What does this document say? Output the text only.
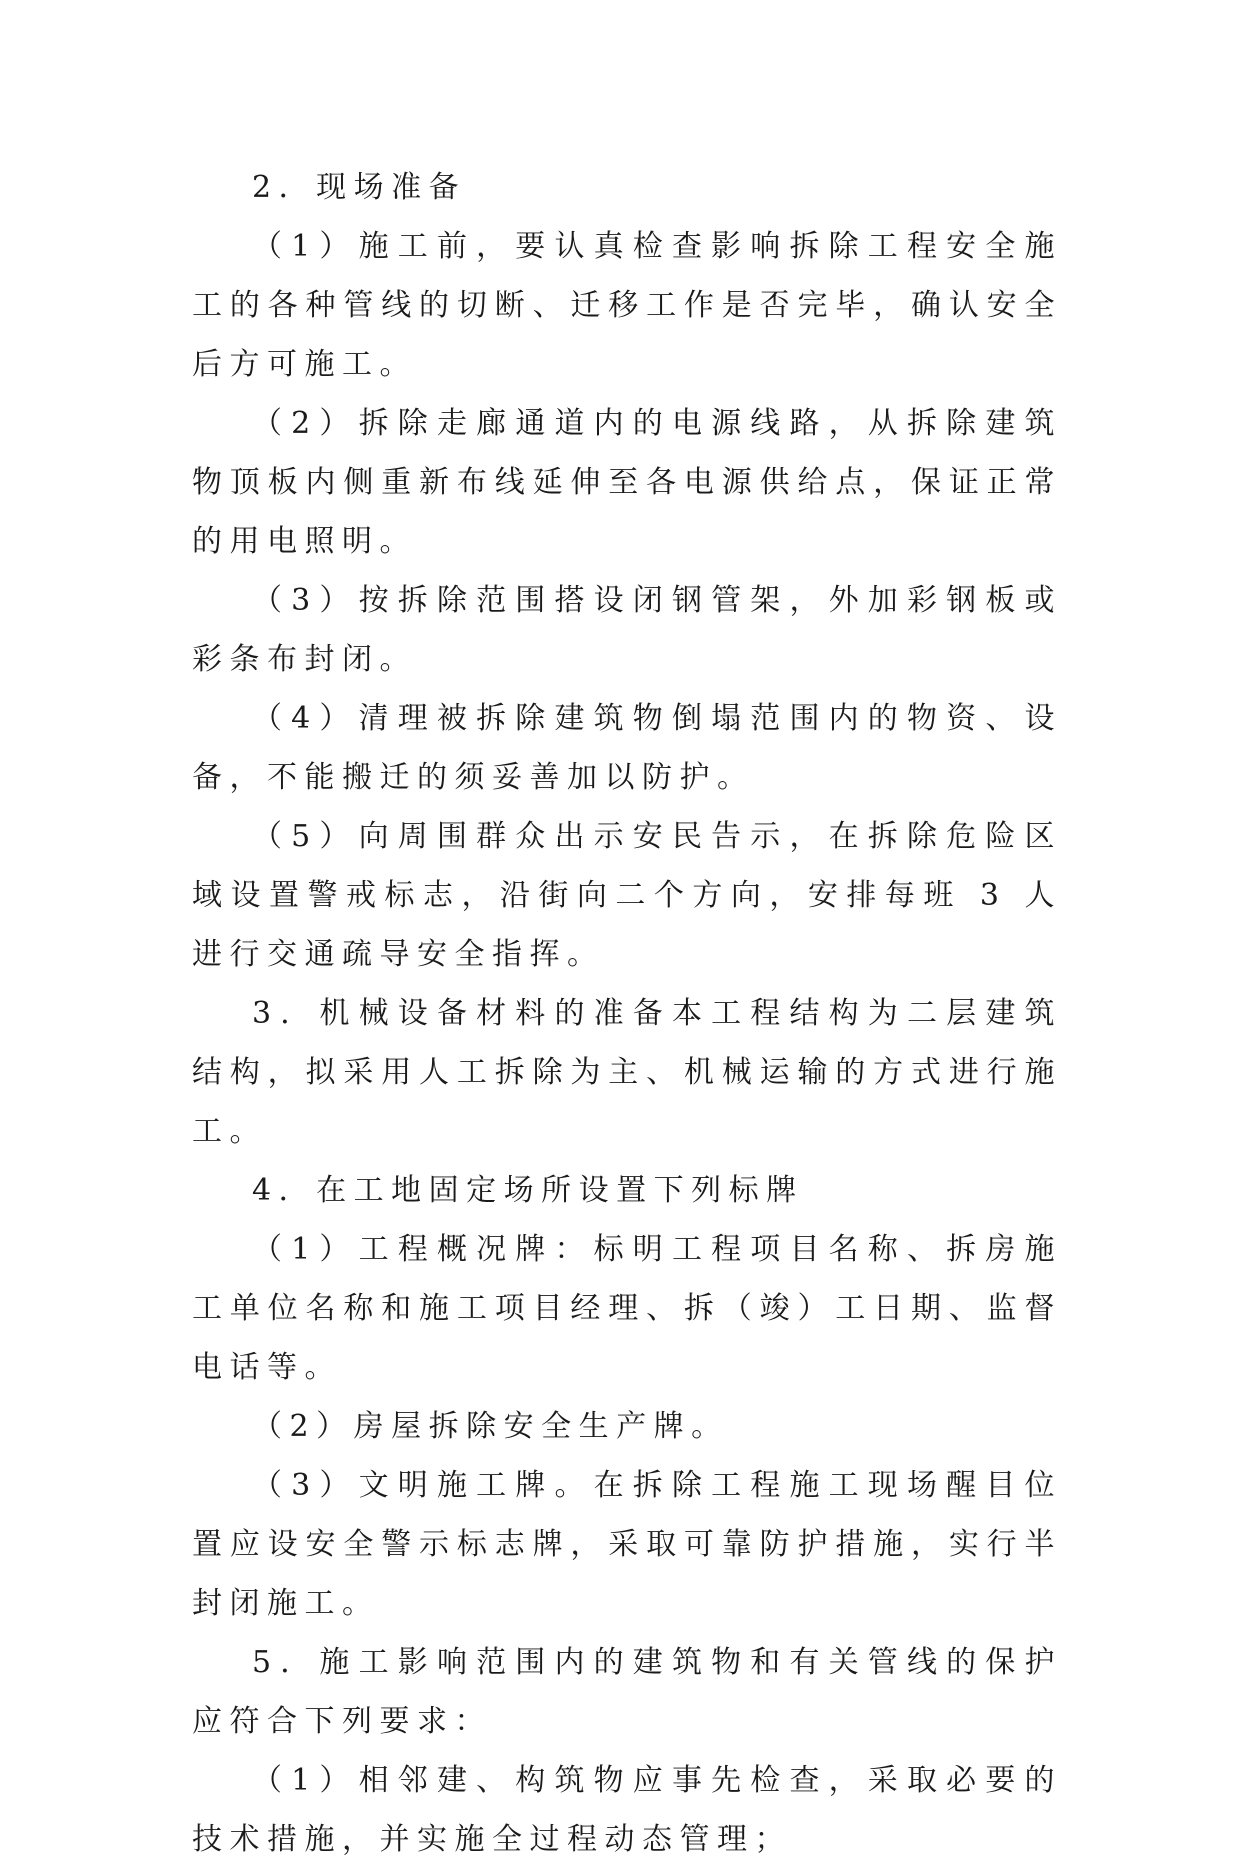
2．现场准备

（1）施工前，要认真检查影响拆除工程安全施工的各种管线的切断、迁移工作是否完毕，确认安全后方可施工。

（2）拆除走廊通道内的电源线路，从拆除建筑物顶板内侧重新布线延伸至各电源供给点，保证正常的用电照明。

（3）按拆除范围搭设闭钢管架，外加彩钢板或彩条布封闭。

（4）清理被拆除建筑物倒塌范围内的物资、设备，不能搬迁的须妥善加以防护。

（5）向周围群众出示安民告示，在拆除危险区域设置警戒标志，沿街向二个方向，安排每班 3 人进行交通疏导安全指挥。

3．机械设备材料的准备本工程结构为二层建筑结构，拟采用人工拆除为主、机械运输的方式进行施工。

4．在工地固定场所设置下列标牌

（1）工程概况牌：标明工程项目名称、拆房施工单位名称和施工项目经理、拆（竣）工日期、监督电话等。

（2）房屋拆除安全生产牌。

（3）文明施工牌。在拆除工程施工现场醒目位置应设安全警示标志牌，采取可靠防护措施，实行半封闭施工。

5．施工影响范围内的建筑物和有关管线的保护应符合下列要求：

（1）相邻建、构筑物应事先检查，采取必要的技术措施，并实施全过程动态管理；
